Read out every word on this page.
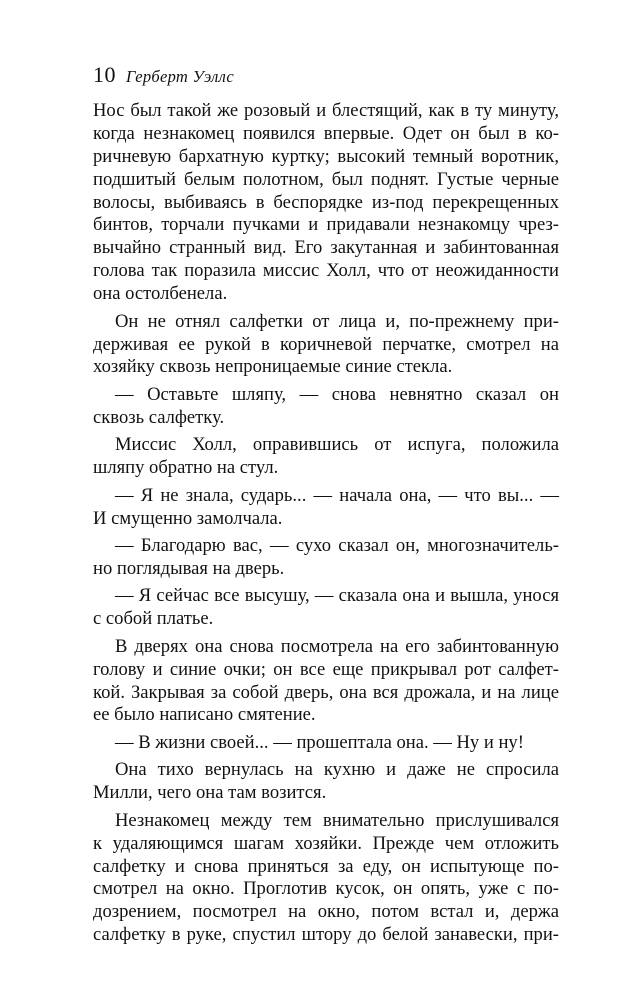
10 Герберт Уэллс
Нос был такой же розовый и блестящий, как в ту минуту,
когда незнакомец появился впервые. Одет он был в ко-
ричневую бархатную куртку; высокий темный воротник,
подшитый белым полотном, был поднят. Густые черные
волосы, выбиваясь в беспорядке из-под перекрещенных
бинтов, торчали пучками и придавали незнакомцу чрез-
вычайно странный вид. Его закутанная и забинтованная
голова так поразила миссис Холл, что от неожиданности
она остолбенела.
Он не отнял салфетки от лица и, по-прежнему при-
держивая ее рукой в коричневой перчатке, смотрел на
хозяйку сквозь непроницаемые синие стекла.
— Оставьте шляпу, — снова невнятно сказал он
сквозь салфетку.
Миссис Холл, оправившись от испуга, положила
шляпу обратно на стул.
— Я не знала, сударь... — начала она, — что вы... —
И смущенно замолчала.
— Благодарю вас, — сухо сказал он, многозначитель-
но поглядывая на дверь.
— Я сейчас все высушу, — сказала она и вышла, унося
с собой платье.
В дверях она снова посмотрела на его забинтованную
голову и синие очки; он все еще прикрывал рот салфет-
кой. Закрывая за собой дверь, она вся дрожала, и на лице
ее было написано смятение.
— В жизни своей... — прошептала она. — Ну и ну!
Она тихо вернулась на кухню и даже не спросила
Милли, чего она там возится.
Незнакомец между тем внимательно прислушивался
к удаляющимся шагам хозяйки. Прежде чем отложить
салфетку и снова приняться за еду, он испытующе по-
смотрел на окно. Проглотив кусок, он опять, уже с по-
дозрением, посмотрел на окно, потом встал и, держа
салфетку в руке, спустил штору до белой занавески, при-
